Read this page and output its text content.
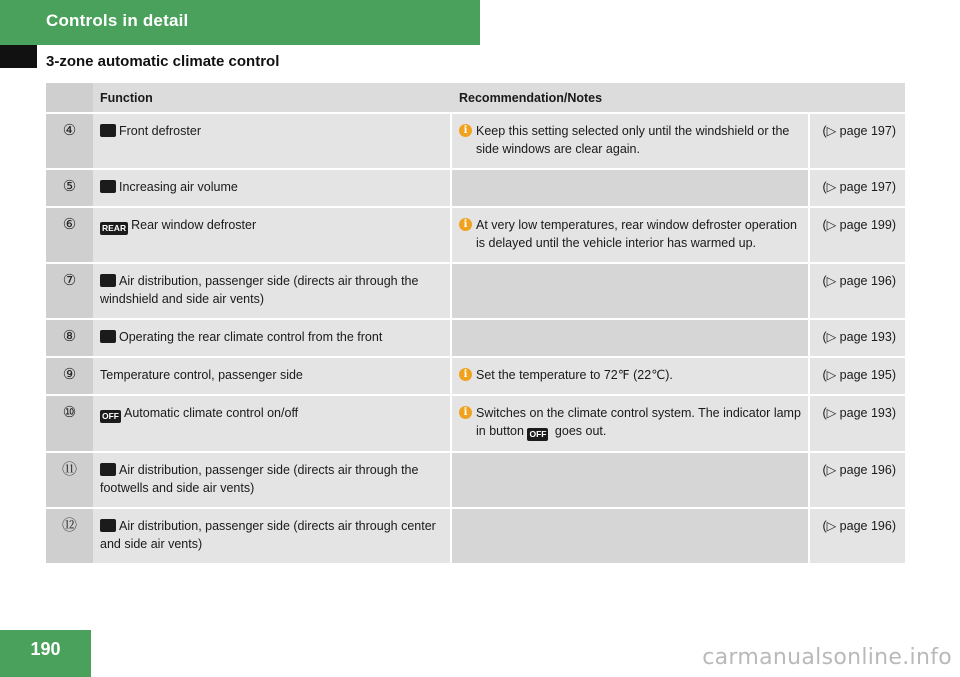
Controls in detail
3-zone automatic climate control
	Function	Recommendation/Notes	
④	Front defroster	i Keep this setting selected only until the windshield or the side windows are clear again.	(▷ page 197)
⑤	Increasing air volume		(▷ page 197)
⑥	REAR Rear window defroster	i At very low temperatures, rear window defroster operation is delayed until the vehicle interior has warmed up.	(▷ page 199)
⑦	Air distribution, passenger side (directs air through the windshield and side air vents)		(▷ page 196)
⑧	Operating the rear climate control from the front		(▷ page 193)
⑨	Temperature control, passenger side	i Set the temperature to 72℉ (22℃).	(▷ page 195)
⑩	OFF Automatic climate control on/off	i Switches on the climate control system. The indicator lamp in button OFF goes out.	(▷ page 193)
⑪	Air distribution, passenger side (directs air through the footwells and side air vents)		(▷ page 196)
⑫	Air distribution, passenger side (directs air through center and side air vents)		(▷ page 196)
190	carmanualsonline.info
